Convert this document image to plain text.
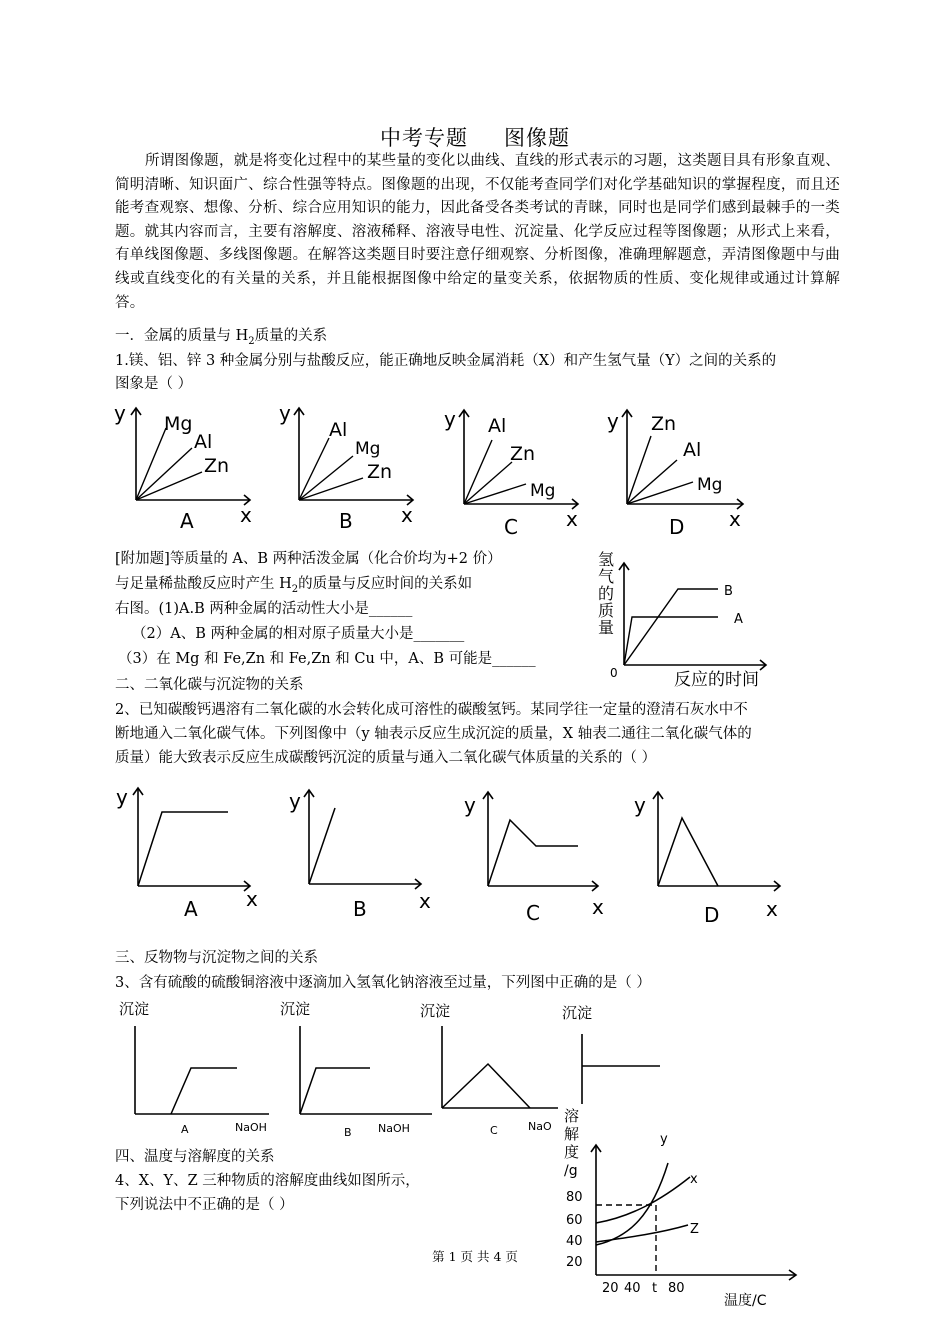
中考专题 图像题
所谓图像题，就是将变化过程中的某些量的变化以曲线、直线的形式表示的习题，这类题目具有形象直观、简明清晰、知识面广、综合性强等特点。图像题的出现，不仅能考查同学们对化学基础知识的掌握程度，而且还能考查观察、想像、分析、综合应用知识的能力，因此备受各类考试的青睐，同时也是同学们感到最棘手的一类题。就其内容而言，主要有溶解度、溶液稀释、溶液导电性、沉淀量、化学反应过程等图像题；从形式上来看，有单线图像题、多线图像题。在解答这类题目时要注意仔细观察、分析图像，准确理解题意，弄清图像题中与曲线或直线变化的有关量的关系，并且能根据图像中给定的量变关系，依据物质的性质、变化规律或通过计算解答。
一．金属的质量与 $H_2$质量的关系
1.镁、铝、锌 3 种金属分别与盐酸反应，能正确地反映金属消耗（X）和产生氢气量（Y）之间的关系的
图象是（ ）
y
x
Mg
Al
Zn
A
y
x
Al
Mg
Zn
B
y
x
Al
Zn
Mg
C
y
x
Zn
Al
Mg
D
[附加题]等质量的 A、B 两种活泼金属（化合价均为+2 价）
与足量稀盐酸反应时产生 $H_2$的质量与反应时间的关系如
右图。(1)A.B 两种金属的活动性大小是______
（2）A、B 两种金属的相对原子质量大小是_______
（3）在 Mg 和 Fe,Zn 和 Fe,Zn 和 Cu 中，A、B 可能是______
氢
气
的
质
量
0	反应的时间
B
A
二、二氧化碳与沉淀物的关系
2、已知碳酸钙遇溶有二氧化碳的水会转化成可溶性的碳酸氢钙。某同学往一定量的澄清石灰水中不
断地通入二氧化碳气体。下列图像中（y 轴表示反应生成沉淀的质量，X 轴表二通往二氧化碳气体的
质量）能大致表示反应生成碳酸钙沉淀的质量与通入二氧化碳气体质量的关系的（ ）
y
x
A
y
x
B
y
x
C
y
x
D
三、反物物与沉淀物之间的关系
3、含有硫酸的硫酸铜溶液中逐滴加入氢氧化钠溶液至过量，下列图中正确的是（ ）
沉淀
NaOH
A
沉淀
NaOH
B
沉淀
NaO
C
沉淀
四、温度与溶解度的关系
4、X、Y、Z 三种物质的溶解度曲线如图所示，
下列说法中不正确的是（ ）
溶
解
度
/g
80
60
40
20
20 40 t 80
温度/C
y
x
Z
第 1 页 共 4 页
